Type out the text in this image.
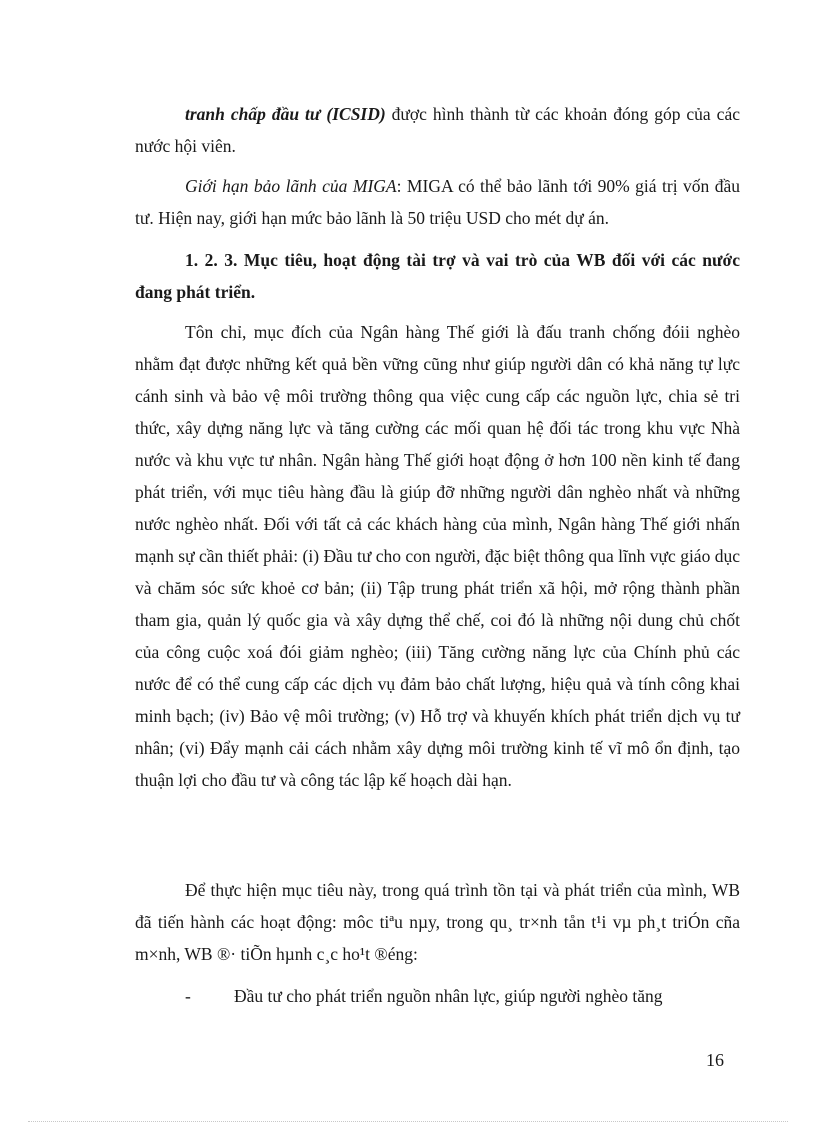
tranh chấp đầu tư (ICSID) được hình thành từ các khoản đóng góp của các nước hội viên.

Giới hạn bảo lãnh của MIGA: MIGA có thể bảo lãnh tới 90% giá trị vốn đầu tư. Hiện nay, giới hạn mức bảo lãnh là 50 triệu USD cho mét dự án.

1. 2. 3. Mục tiêu, hoạt động tài trợ và vai trò của WB đối với các nước đang phát triển.

Tôn chỉ, mục đích của Ngân hàng Thế giới là đấu tranh chống đóii nghèo nhằm đạt được những kết quả bền vững cũng như giúp người dân có khả năng tự lực cánh sinh và bảo vệ môi trường thông qua việc cung cấp các nguồn lực, chia sẻ tri thức, xây dựng năng lực và tăng cường các mối quan hệ đối tác trong khu vực Nhà nước và khu vực tư nhân. Ngân hàng Thế giới hoạt động ở hơn 100 nền kinh tế đang phát triển, với mục tiêu hàng đầu là giúp đỡ những người dân nghèo nhất và những nước nghèo nhất. Đối với tất cả các khách hàng của mình, Ngân hàng Thế giới nhấn mạnh sự cần thiết phải: (i) Đầu tư cho con người, đặc biệt thông qua lĩnh vực giáo dục và chăm sóc sức khoẻ cơ bản; (ii) Tập trung phát triển xã hội, mở rộng thành phần tham gia, quản lý quốc gia và xây dựng thể chế, coi đó là những nội dung chủ chốt của công cuộc xoá đói giảm nghèo; (iii) Tăng cường năng lực của Chính phủ các nước để có thể cung cấp các dịch vụ đảm bảo chất lượng, hiệu quả và tính công khai minh bạch; (iv) Bảo vệ môi trường; (v) Hỗ trợ và khuyến khích phát triển dịch vụ tư nhân; (vi) Đẩy mạnh cải cách nhằm xây dựng môi trường kinh tế vĩ mô ổn định, tạo thuận lợi cho đầu tư và công tác lập kế hoạch dài hạn.

Để thực hiện mục tiêu này, trong quá trình tồn tại và phát triển của mình, WB đã tiến hành các hoạt động: môc tiªu nµy, trong qu¸ tr×nh tån t¹i vµ ph¸t triÓn cña m×nh, WB ®· tiÕn hµnh c¸c ho¹t ®éng:

- Đầu tư cho phát triển nguồn nhân lực, giúp người nghèo tăng

16
